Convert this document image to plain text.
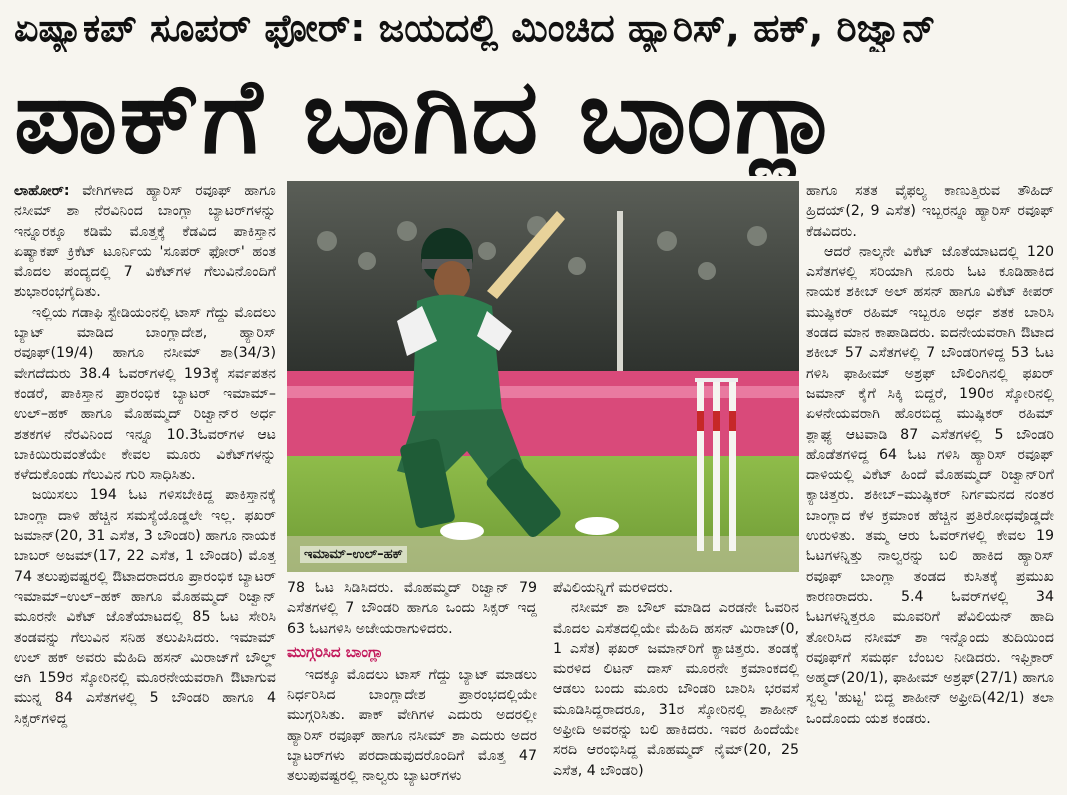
ಏಷ್ಯಾಕಪ್ ಸೂಪರ್ ಫೋರ್: ಜಯದಲ್ಲಿ ಮಿಂಚಿದ ಹ್ಯಾರಿಸ್, ಹಕ್, ರಿಜ್ವಾನ್
ಪಾಕ್‌ಗೆ ಬಾಗಿದ ಬಾಂಗ್ಲಾ

ಲಾಹೋರ್: ವೇಗಿಗಳಾದ ಹ್ಯಾರಿಸ್ ರವೂಫ್ ಹಾಗೂ ನಸೀಮ್ ಶಾ ನೆರವಿನಿಂದ ಬಾಂಗ್ಲಾ ಬ್ಯಾಟರ್‌ಗಳನ್ನು ಇನ್ನೂರಕ್ಕೂ ಕಡಿಮೆ ಮೊತ್ತಕ್ಕೆ ಕೆಡವಿದ ಪಾಕಿಸ್ತಾನ ಏಷ್ಯಾಕಪ್ ಕ್ರಿಕೆಟ್ ಟೂರ್ನಿಯ 'ಸೂಪರ್ ಫೋರ್' ಹಂತ ಮೊದಲ ಪಂದ್ಯದಲ್ಲಿ 7 ವಿಕೆಟ್‌ಗಳ ಗೆಲುವಿನೊಂದಿಗೆ ಶುಭಾರಂಭಗೈದಿತು.

ಇಲ್ಲಿಯ ಗಡಾಫಿ ಸ್ಟೇಡಿಯಂನಲ್ಲಿ ಟಾಸ್ ಗೆದ್ದು ಮೊದಲು ಬ್ಯಾಟ್ ಮಾಡಿದ ಬಾಂಗ್ಲಾದೇಶ, ಹ್ಯಾರಿಸ್ ರವೂಫ್(19/4) ಹಾಗೂ ನಸೀಮ್ ಶಾ(34/3) ವೇಗದೆದುರು 38.4 ಓವರ್‌ಗಳಲ್ಲಿ 193ಕ್ಕೆ ಸರ್ವಪತನ ಕಂಡರೆ, ಪಾಕಿಸ್ತಾನ ಪ್ರಾರಂಭಿಕ ಬ್ಯಾಟರ್ ಇಮಾಮ್–ಉಲ್–ಹಕ್ ಹಾಗೂ ಮೊಹಮ್ಮದ್ ರಿಜ್ವಾನ್‌ರ ಅರ್ಧ ಶತಕಗಳ ನೆರವಿನಿಂದ ಇನ್ನೂ 10.3ಓವರ್‌ಗಳ ಆಟ ಬಾಕಿಯಿರುವಂತೆಯೇ ಕೇವಲ ಮೂರು ವಿಕೆಟ್‌ಗಳನ್ನು ಕಳೆದುಕೊಂಡು ಗೆಲುವಿನ ಗುರಿ ಸಾಧಿಸಿತು.

ಜಯಿಸಲು 194 ಓಟ ಗಳಿಸಬೇಕಿದ್ದ ಪಾಕಿಸ್ತಾನಕ್ಕೆ ಬಾಂಗ್ಲಾ ದಾಳಿ ಹೆಚ್ಚಿನ ಸಮಸ್ಯೆಯೊಡ್ಡಲೇ ಇಲ್ಲ. ಫಖರ್ ಜಮಾನ್(20, 31 ಎಸೆತ, 3 ಬೌಂಡರಿ) ಹಾಗೂ ನಾಯಕ ಬಾಬರ್ ಅಜಮ್(17, 22 ಎಸೆತ, 1 ಬೌಂಡರಿ) ಮೊತ್ತ 74 ತಲುಪುವಷ್ಟರಲ್ಲಿ ಔಟಾದರಾದರೂ ಪ್ರಾರಂಭಿಕ ಬ್ಯಾಟರ್ ಇಮಾಮ್–ಉಲ್–ಹಕ್ ಹಾಗೂ ಮೊಹಮ್ಮದ್ ರಿಜ್ವಾನ್ ಮೂರನೇ ವಿಕೆಟ್ ಜೊತೆಯಾಟದಲ್ಲಿ 85 ಓಟ ಸೇರಿಸಿ ತಂಡವನ್ನು ಗೆಲುವಿನ ಸನಿಹ ತಲುಪಿಸಿದರು. ಇಮಾಮ್ ಉಲ್ ಹಕ್ ಅವರು ಮೆಹಿದಿ ಹಸನ್ ಮಿರಾಜ್‌ಗೆ ಬೌಲ್ಡ್ ಆಗಿ 159ರ ಸ್ಕೋರಿನಲ್ಲಿ ಮೂರನೇಯವರಾಗಿ ಔಟಾಗುವ ಮುನ್ನ 84 ಎಸೆತಗಳಲ್ಲಿ 5 ಬೌಂಡರಿ ಹಾಗೂ 4 ಸಿಕ್ಸರ್‌ಗಳಿದ್ದ

ಇಮಾಮ್–ಉಲ್–ಹಕ್

78 ಓಟ ಸಿಡಿಸಿದರು. ಮೊಹಮ್ಮದ್ ರಿಜ್ವಾನ್ 79 ಎಸೆತಗಳಲ್ಲಿ 7 ಬೌಂಡರಿ ಹಾಗೂ ಒಂದು ಸಿಕ್ಸರ್ ಇದ್ದ 63 ಓಟಗಳಿಸಿ ಅಜೇಯರಾಗುಳಿದರು.

ಮುಗ್ಗರಿಸಿದ ಬಾಂಗ್ಲಾ

ಇದಕ್ಕೂ ಮೊದಲು ಟಾಸ್ ಗೆದ್ದು ಬ್ಯಾಟ್ ಮಾಡಲು ನಿರ್ಧರಿಸಿದ ಬಾಂಗ್ಲಾದೇಶ ಪ್ರಾರಂಭದಲ್ಲಿಯೇ ಮುಗ್ಗರಿಸಿತು. ಪಾಕ್ ವೇಗಿಗಳ ಎದುರು ಅದರಲ್ಲೀ ಹ್ಯಾರಿಸ್ ರವೂಫ್ ಹಾಗೂ ನಸೀಮ್ ಶಾ ಎದುರು ಅದರ ಬ್ಯಾಟರ್‌ಗಳು ಪರದಾಡುವುದರೊಂದಿಗೆ ಮೊತ್ತ 47 ತಲುಪುವಷ್ಟರಲ್ಲಿ ನಾಲ್ವರು ಬ್ಯಾಟರ್‌ಗಳು

ಪೆವಿಲಿಯನ್ನಿಗೆ ಮರಳಿದರು.

ನಸೀಮ್ ಶಾ ಬೌಲ್ ಮಾಡಿದ ಎರಡನೇ ಓವರಿನ ಮೊದಲ ಎಸೆತದಲ್ಲಿಯೇ ಮೆಹಿದಿ ಹಸನ್ ಮಿರಾಜ್(0, 1 ಎಸೆತ) ಫಖರ್ ಜಮಾನ್‌ರಿಗೆ ಕ್ಯಾಚಿತ್ತರು. ತಂಡಕ್ಕೆ ಮರಳಿದ ಲಿಟನ್ ದಾಸ್ ಮೂರನೇ ಕ್ರಮಾಂಕದಲ್ಲಿ ಆಡಲು ಬಂದು ಮೂರು ಬೌಂಡರಿ ಬಾರಿಸಿ ಭರವಸೆ ಮೂಡಿಸಿದ್ದರಾದರೂ, 31ರ ಸ್ಕೋರಿನಲ್ಲಿ ಶಾಹೀನ್ ಅಫ್ರೀದಿ ಅವರನ್ನು ಬಲಿ ಹಾಕಿದರು. ಇವರ ಹಿಂದೆಯೇ ಸರದಿ ಆರಂಭಿಸಿದ್ದ ಮೊಹಮ್ಮದ್ ನೈಮ್(20, 25 ಎಸೆತ, 4 ಬೌಂಡರಿ)

ಹಾಗೂ ಸತತ ವೈಫಲ್ಯ ಕಾಣುತ್ತಿರುವ ತೌಹಿದ್ ಹ್ರಿದಯ್(2, 9 ಎಸೆತ) ಇಬ್ಬರನ್ನೂ ಹ್ಯಾರಿಸ್ ರವೂಫ್ ಕೆಡವಿದರು.

ಆದರೆ ನಾಲ್ಕನೇ ವಿಕೆಟ್ ಜೊತೆಯಾಟದಲ್ಲಿ 120 ಎಸೆತಗಳಲ್ಲಿ ಸರಿಯಾಗಿ ನೂರು ಓಟ ಕೂಡಿಹಾಕಿದ ನಾಯಕ ಶಕೀಬ್ ಅಲ್ ಹಸನ್ ಹಾಗೂ ವಿಕೆಟ್ ಕೀಪರ್ ಮುಷ್ಫಿಕರ್ ರಹಿಮ್ ಇಬ್ಬರೂ ಅರ್ಧ ಶತಕ ಬಾರಿಸಿ ತಂಡದ ಮಾನ ಕಾಪಾಡಿದರು. ಐದನೇಯವರಾಗಿ ಔಟಾದ ಶಕೀಬ್ 57 ಎಸೆತಗಳಲ್ಲಿ 7 ಬೌಂಡರಿಗಳಿದ್ದ 53 ಓಟ ಗಳಿಸಿ ಫಾಹೀಮ್ ಅಶ್ರಫ್ ಬೌಲಿಂಗಿನಲ್ಲಿ ಫಖರ್ ಜಮಾನ್ ಕೈಗೆ ಸಿಕ್ಕಿ ಬಿದ್ದರೆ, 190ರ ಸ್ಕೋರಿನಲ್ಲಿ ಏಳನೇಯವರಾಗಿ ಹೊರಬಿದ್ದ ಮುಷ್ಫಿಕರ್ ರಹಿಮ್ ಶ್ಲಾಘ್ಯ ಆಟವಾಡಿ 87 ಎಸೆತಗಳಲ್ಲಿ 5 ಬೌಂಡರಿ ಹೊಡೆತಗಳಿದ್ದ 64 ಓಟ ಗಳಿಸಿ ಹ್ಯಾರಿಸ್ ರವೂಫ್ ದಾಳಿಯಲ್ಲಿ ವಿಕೆಟ್ ಹಿಂದೆ ಮೊಹಮ್ಮದ್ ರಿಜ್ವಾನ್‌ರಿಗೆ ಕ್ಯಾಚಿತ್ತರು. ಶಕೀಬ್–ಮುಷ್ಫಿಕರ್ ನಿರ್ಗಮನದ ನಂತರ ಬಾಂಗ್ಲಾದ ಕೆಳ ಕ್ರಮಾಂಕ ಹೆಚ್ಚಿನ ಪ್ರತಿರೋಧವೊಡ್ಡದೇ ಉರುಳಿತು. ತಮ್ಮ ಆರು ಓವರ್‌ಗಳಲ್ಲಿ ಕೇವಲ 19 ಓಟಗಳನ್ನಿತ್ತು ನಾಲ್ವರನ್ನು ಬಲಿ ಹಾಕಿದ ಹ್ಯಾರಿಸ್ ರವೂಫ್ ಬಾಂಗ್ಲಾ ತಂಡದ ಕುಸಿತಕ್ಕೆ ಪ್ರಮುಖ ಕಾರಣರಾದರು. 5.4 ಓವರ್‌ಗಳಲ್ಲಿ 34 ಓಟಗಳನ್ನಿತ್ತರೂ ಮೂವರಿಗೆ ಪೆವಿಲಿಯನ್ ಹಾದಿ ತೋರಿಸಿದ ನಸೀಮ್ ಶಾ ಇನ್ನೊಂದು ತುದಿಯಿಂದ ರವೂಫ್‌ಗೆ ಸಮರ್ಥ ಬೆಂಬಲ ನೀಡಿದರು. ಇಫ್ತಿಕಾರ್ ಅಹ್ಮದ್(20/1), ಫಾಹೀಮ್ ಅಶ್ರಫ್(27/1) ಹಾಗೂ ಸ್ವಲ್ಪ 'ಹುಟ್ಟ' ಬಿದ್ದ ಶಾಹೀನ್ ಅಫ್ರೀದಿ(42/1) ತಲಾ ಒಂದೊಂದು ಯಶ ಕಂಡರು.
